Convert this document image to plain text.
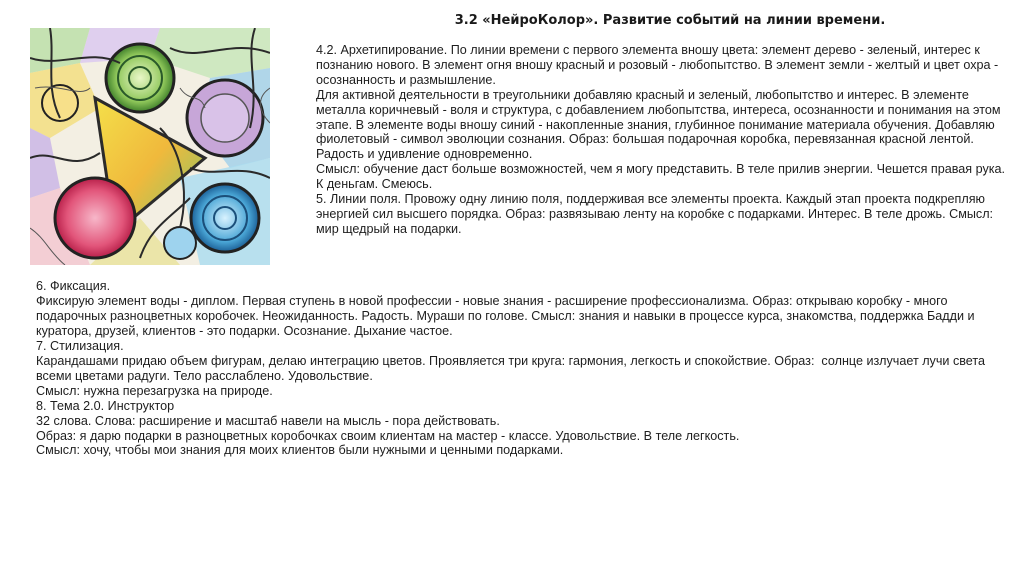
3.2 «НейроКолор». Развитие событий на линии времени.

4.2. Архетипирование. По линии времени с первого элемента вношу цвета: элемент дерево - зеленый, интерес к познанию нового. В элемент огня вношу красный и розовый - любопытство. В элемент земли - желтый и цвет охра - осознанность и размышление.

Для активной деятельности в треугольники добавляю красный и зеленый, любопытство и интерес. В элементе металла коричневый - воля и структура, с добавлением любопытства, интереса, осознанности и понимания на этом этапе. В элементе воды вношу синий - накопленные знания, глубинное понимание материала обучения. Добавляю фиолетовый - символ эволюции сознания. Образ: большая подарочная коробка, перевязанная красной лентой. Радость и удивление одновременно.

Смысл: обучение даст больше возможностей, чем я могу представить. В теле прилив энергии. Чешется правая рука. К деньгам. Смеюсь.

5. Линии поля. Провожу одну линию поля, поддерживая все элементы проекта. Каждый этап проекта подкрепляю энергией сил высшего порядка. Образ: развязываю ленту на коробке с подарками. Интерес. В теле дрожь. Смысл: мир щедрый на подарки.

6. Фиксация.

Фиксирую элемент воды - диплом. Первая ступень в новой профессии - новые знания - расширение профессионализма. Образ: открываю коробку - много подарочных разноцветных коробочек. Неожиданность. Радость. Мураши по голове. Смысл: знания и навыки в процессе курса, знакомства, поддержка Бадди и куратора, друзей, клиентов - это подарки. Осознание. Дыхание частое.

7. Стилизация.

Карандашами придаю объем фигурам, делаю интеграцию цветов. Проявляется три круга: гармония, легкость и спокойствие. Образ:  солнце излучает лучи света всеми цветами радуги. Тело расслаблено. Удовольствие.

Смысл: нужна перезагрузка на природе.

8. Тема 2.0. Инструктор

32 слова. Слова: расширение и масштаб навели на мысль - пора действовать.

Образ: я дарю подарки в разноцветных коробочках своим клиентам на мастер - классе. Удовольствие. В теле легкость.

Смысл: хочу, чтобы мои знания для моих клиентов были нужными и ценными подарками.
